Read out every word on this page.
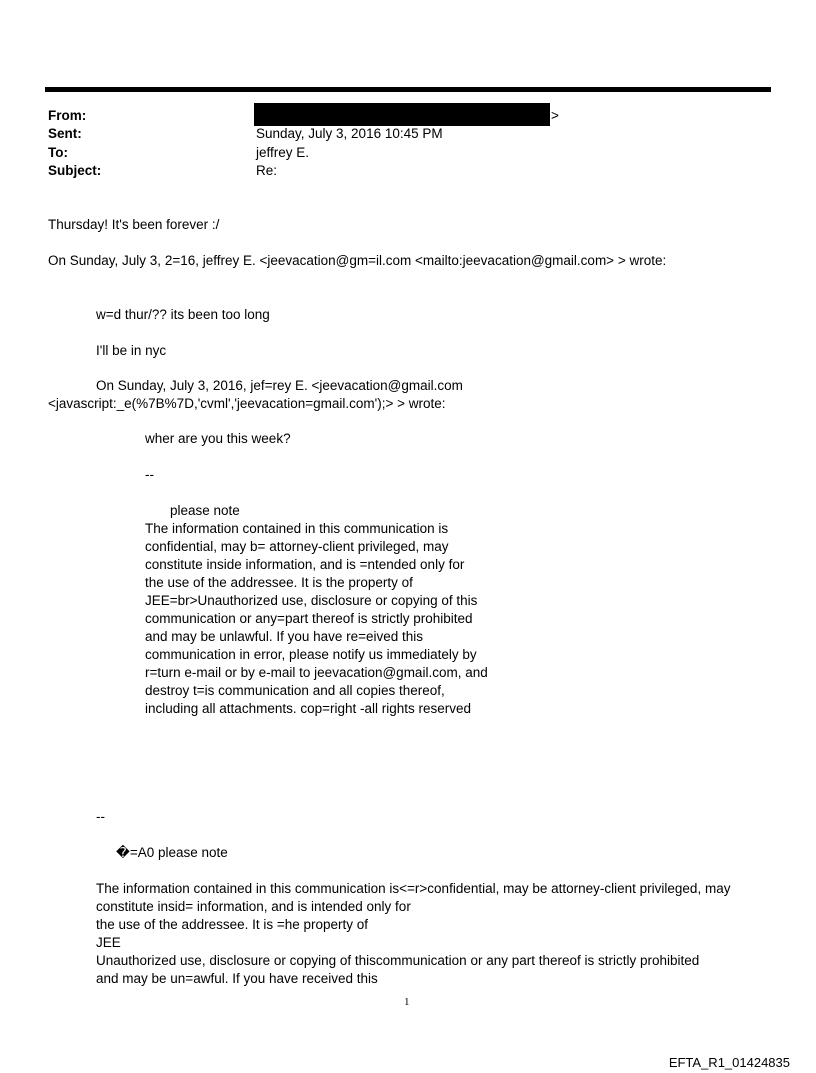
From:
Sent:
To:
Subject:
>
Sunday, July 3, 2016 10:45 PM
jeffrey E.
Re:
Thursday! It's been forever :/
On Sunday, July 3, 2=16, jeffrey E. <jeevacation@gm=il.com <mailto:jeevacation@gmail.com> > wrote:
w=d thur/?? its been too long
I'll be in nyc
On Sunday, July 3, 2016, jef=rey E. <jeevacation@gmail.com
<javascript:_e(%7B%7D,'cvml','jeevacation=gmail.com');> > wrote:
wher are you this week?
--
please note
The information contained in this communication is
confidential, may b= attorney-client privileged, may
constitute inside information, and is =ntended only for
the use of the addressee. It is the property of
JEE=br>Unauthorized use, disclosure or copying of this
communication or any=part thereof is strictly prohibited
and may be unlawful. If you have re=eived this
communication in error, please notify us immediately by
r=turn e-mail or by e-mail to jeevacation@gmail.com, and
destroy t=is communication and all copies thereof,
including all attachments. cop=right -all rights reserved
--
�=A0 please note
The information contained in this communication is<=r>confidential, may be attorney-client privileged, may
constitute insid= information, and is intended only for
the use of the addressee. It is =he property of
JEE
Unauthorized use, disclosure or copying of thiscommunication or any part thereof is strictly prohibited
and may be un=awful. If you have received this
1
EFTA_R1_01424835
